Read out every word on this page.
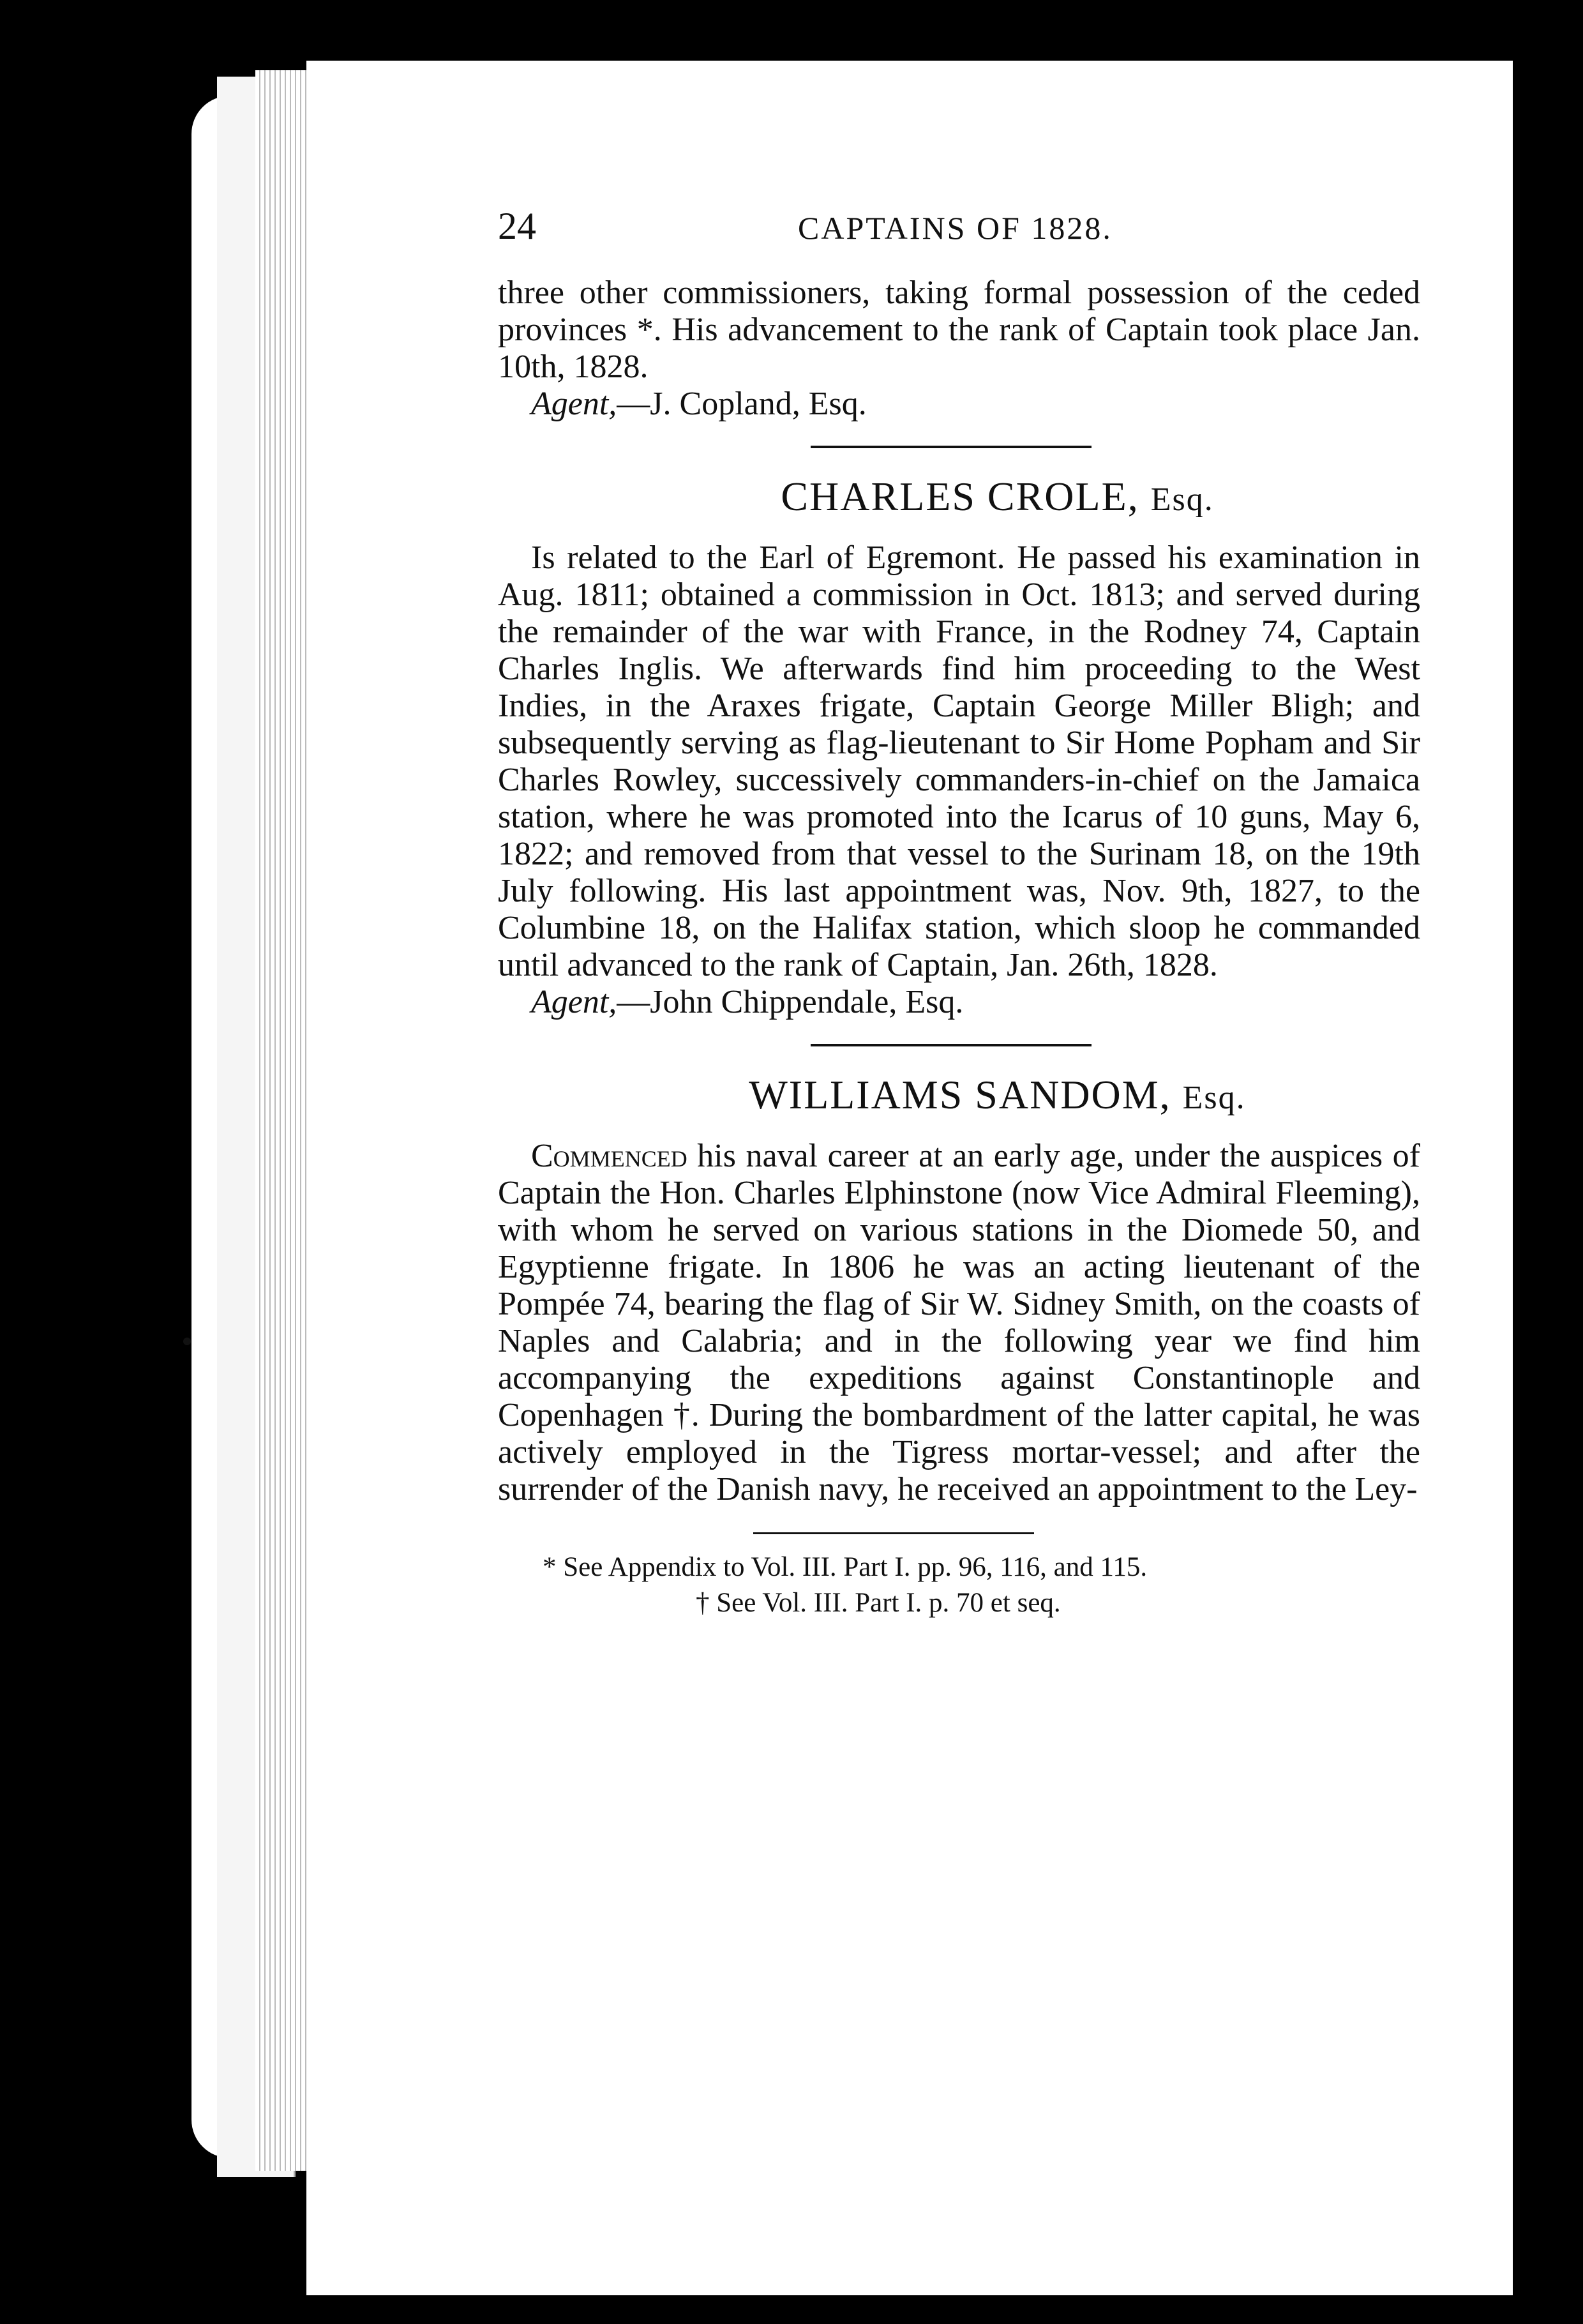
24	CAPTAINS OF 1828.

three other commissioners, taking formal possession of the ceded provinces *. His advancement to the rank of Captain took place Jan. 10th, 1828.

Agent,—J. Copland, Esq.

CHARLES CROLE, Esq.

Is related to the Earl of Egremont. He passed his examination in Aug. 1811; obtained a commission in Oct. 1813; and served during the remainder of the war with France, in the Rodney 74, Captain Charles Inglis. We afterwards find him proceeding to the West Indies, in the Araxes frigate, Captain George Miller Bligh; and subsequently serving as flag-lieutenant to Sir Home Popham and Sir Charles Rowley, successively commanders-in-chief on the Jamaica station, where he was promoted into the Icarus of 10 guns, May 6, 1822; and removed from that vessel to the Surinam 18, on the 19th July following. His last appointment was, Nov. 9th, 1827, to the Columbine 18, on the Halifax station, which sloop he commanded until advanced to the rank of Captain, Jan. 26th, 1828.

Agent,—John Chippendale, Esq.

WILLIAMS SANDOM, Esq.

Commenced his naval career at an early age, under the auspices of Captain the Hon. Charles Elphinstone (now Vice Admiral Fleeming), with whom he served on various stations in the Diomede 50, and Egyptienne frigate. In 1806 he was an acting lieutenant of the Pompée 74, bearing the flag of Sir W. Sidney Smith, on the coasts of Naples and Calabria; and in the following year we find him accompanying the expeditions against Constantinople and Copenhagen †. During the bombardment of the latter capital, he was actively employed in the Tigress mortar-vessel; and after the surrender of the Danish navy, he received an appointment to the Ley-

* See Appendix to Vol. III. Part I. pp. 96, 116, and 115.

† See Vol. III. Part I. p. 70 et seq.
